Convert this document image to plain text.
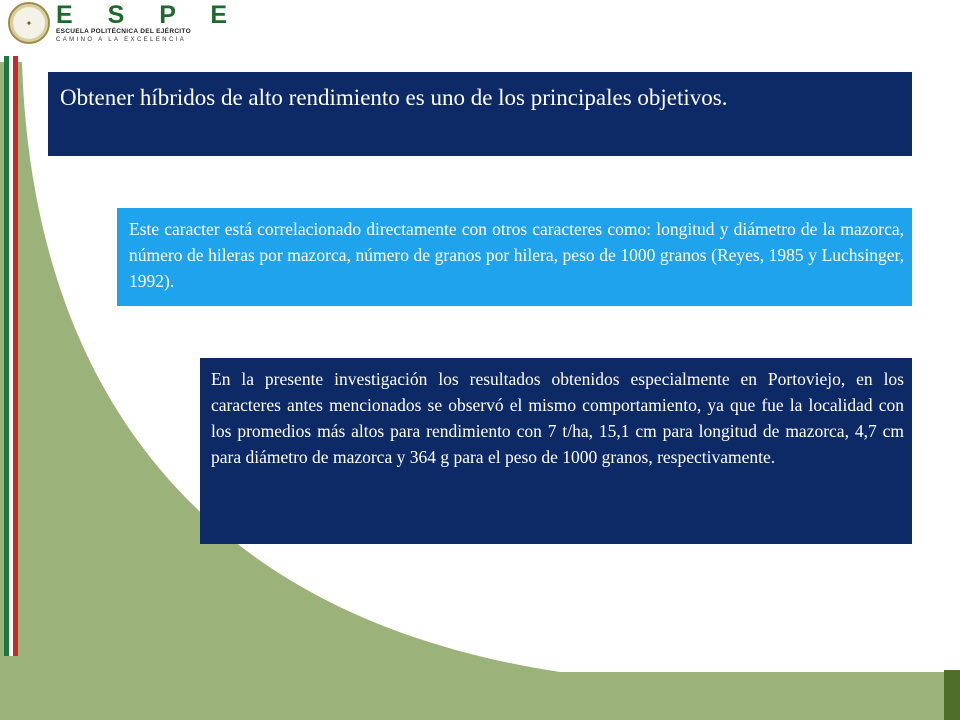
✦ E S P E
ESCUELA POLITÉCNICA DEL EJÉRCITO
CAMINO A LA EXCELENCIA
Obtener híbridos de alto rendimiento es uno de los principales objetivos.
Este caracter está correlacionado directamente con otros caracteres como: longitud y diámetro de la mazorca, número de hileras por mazorca, número de granos por hilera, peso de 1000 granos (Reyes, 1985 y Luchsinger, 1992).
En la presente investigación los resultados obtenidos especialmente en Portoviejo, en los caracteres antes mencionados se observó el mismo comportamiento, ya que fue la localidad con los promedios más altos para rendimiento con 7 t/ha, 15,1 cm para longitud de mazorca, 4,7 cm para diámetro de mazorca y 364 g para el peso de 1000 granos, respectivamente.
